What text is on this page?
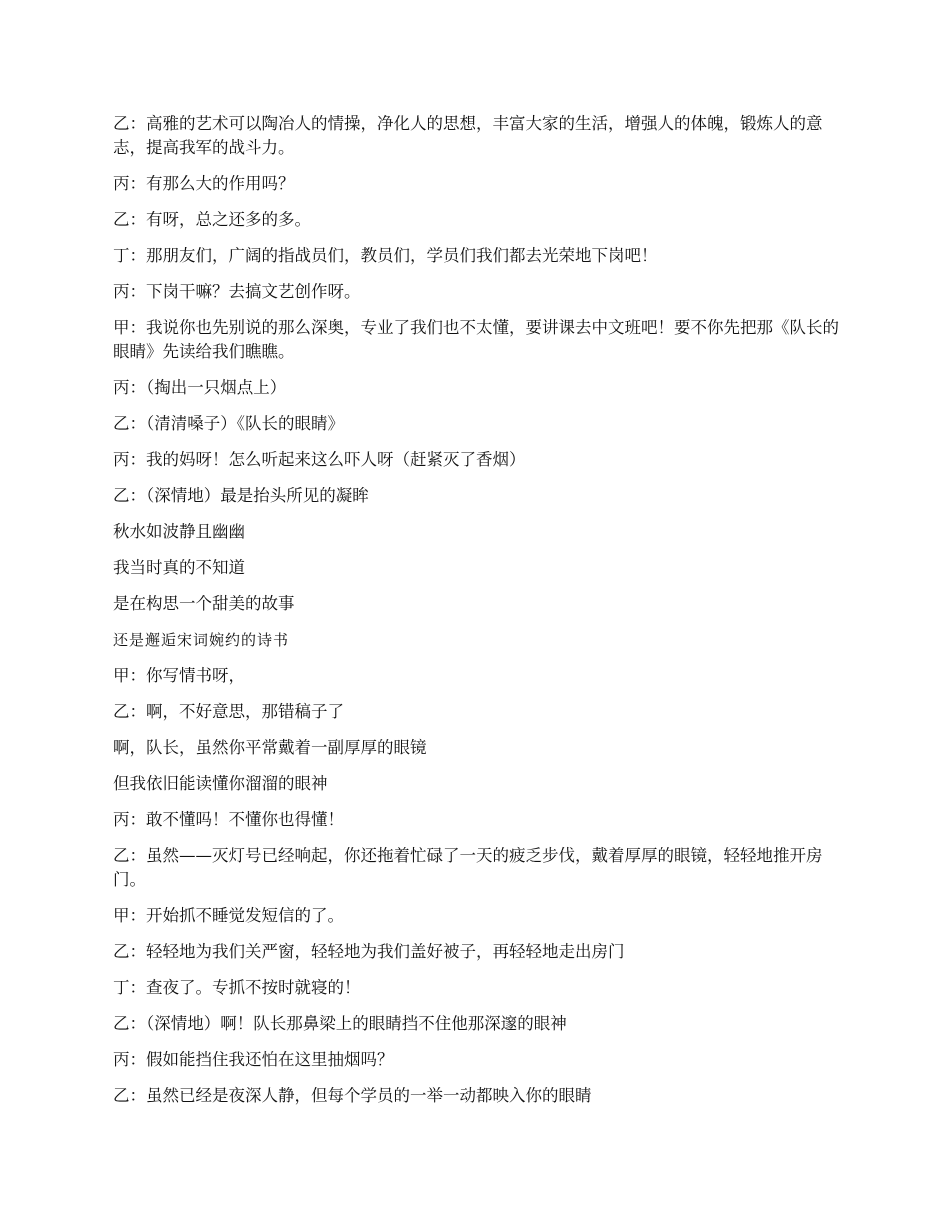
乙：高雅的艺术可以陶冶人的情操，净化人的思想，丰富大家的生活，增强人的体魄，锻炼人的意志，提高我军的战斗力。

丙：有那么大的作用吗？

乙：有呀，总之还多的多。

丁：那朋友们，广阔的指战员们，教员们，学员们我们都去光荣地下岗吧！

丙：下岗干嘛？去搞文艺创作呀。

甲：我说你也先别说的那么深奥，专业了我们也不太懂，要讲课去中文班吧！要不你先把那《队长的眼睛》先读给我们瞧瞧。

丙：（掏出一只烟点上）

乙：（清清嗓子）《队长的眼睛》

丙：我的妈呀！怎么听起来这么吓人呀（赶紧灭了香烟）

乙：（深情地）最是抬头所见的凝眸

秋水如波静且幽幽

我当时真的不知道

是在构思一个甜美的故事

还是邂逅宋词婉约的诗书

甲：你写情书呀，

乙：啊，不好意思，那错稿子了

啊，队长，虽然你平常戴着一副厚厚的眼镜

但我依旧能读懂你溜溜的眼神

丙：敢不懂吗！不懂你也得懂！

乙：虽然——灭灯号已经响起，你还拖着忙碌了一天的疲乏步伐，戴着厚厚的眼镜，轻轻地推开房门。

甲：开始抓不睡觉发短信的了。

乙：轻轻地为我们关严窗，轻轻地为我们盖好被子，再轻轻地走出房门

丁：查夜了。专抓不按时就寝的！

乙：（深情地）啊！队长那鼻梁上的眼睛挡不住他那深邃的眼神

丙：假如能挡住我还怕在这里抽烟吗？

乙：虽然已经是夜深人静，但每个学员的一举一动都映入你的眼睛
